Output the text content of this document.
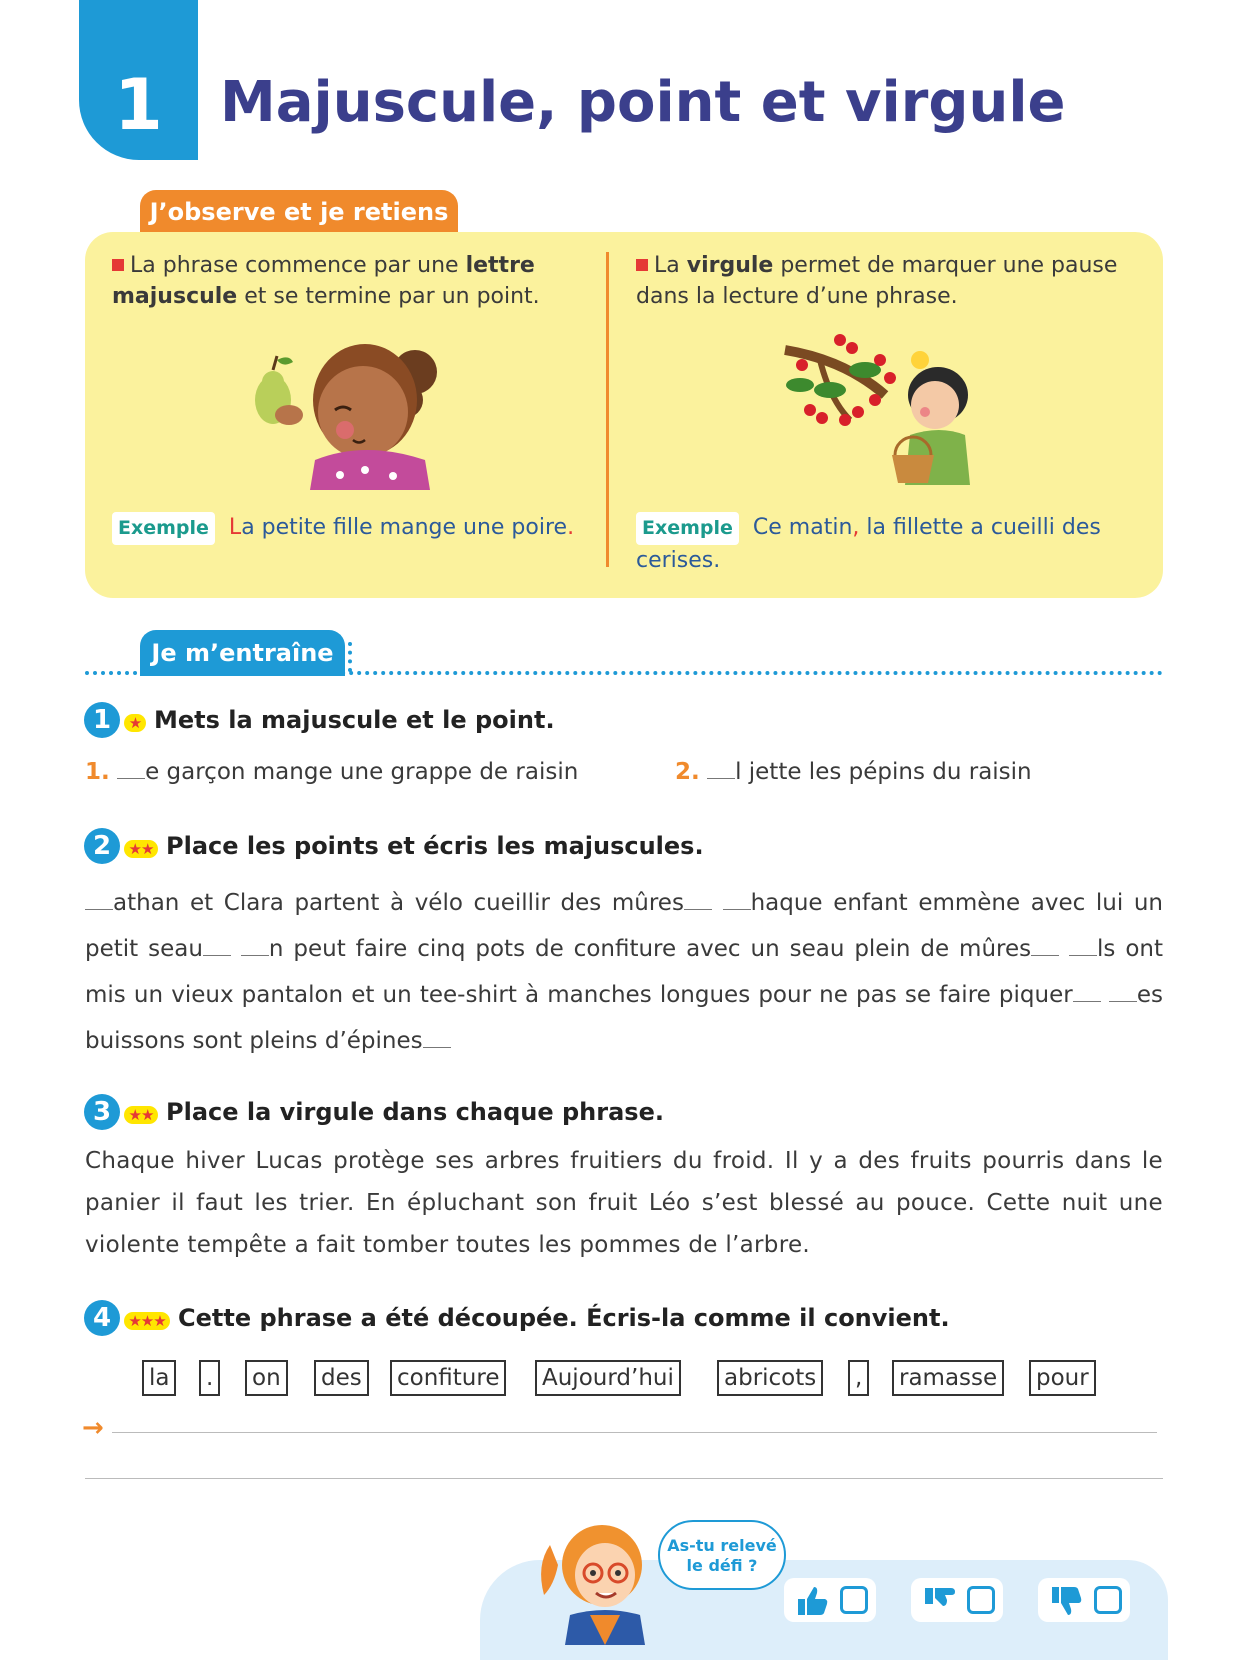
1	Majuscule, point et virgule
J’observe et je retiens
La phrase commence par une lettre majuscule et se termine par un point.
La virgule permet de marquer une pause dans la lecture d’une phrase.
Exemple La petite fille mange une poire.	Exemple Ce matin, la fillette a cueilli des cerises.
Je m’entraîne
1	★ Mets la majuscule et le point.
1. e garçon mange une grappe de raisin	2. l jette les pépins du raisin
2	★★ Place les points et écris les majuscules.
athan et Clara partent à vélo cueillir des mûres	haque enfant emmène avec lui un petit seau	n peut faire cinq pots de confiture avec un seau plein de mûres	ls ont mis un vieux pantalon et un tee-shirt à manches longues pour ne pas se faire piquer	es buissons sont pleins d’épines
3	★★ Place la virgule dans chaque phrase.
Chaque hiver Lucas protège ses arbres fruitiers du froid. Il y a des fruits pourris dans le panier il faut les trier. En épluchant son fruit Léo s’est blessé au pouce. Cette nuit une violente tempête a fait tomber toutes les pommes de l’arbre.
4	★★★ Cette phrase a été découpée. Écris-la comme il convient.
la	.	on	des	confiture	Aujourd’hui	abricots	,	ramasse	pour
→
As-tu relevé
le défi ?
